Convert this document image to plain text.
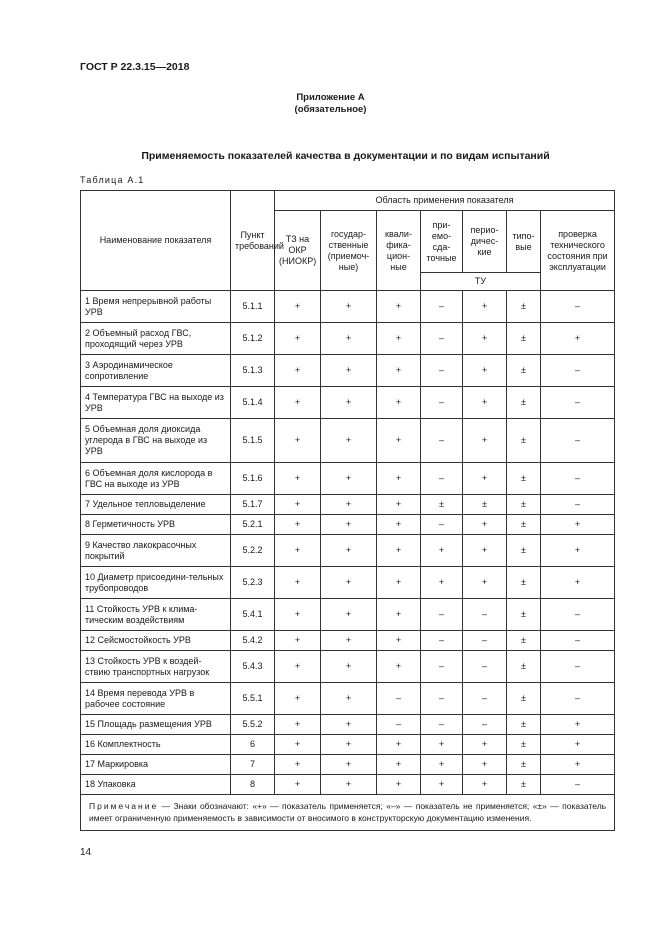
ГОСТ Р 22.3.15—2018
Приложение А
(обязательное)
Применяемость показателей качества в документации и по видам испытаний
Таблица А.1
Наименование показателя	Пункт требований	Область применения показателя						
		ТЗ на ОКР (НИОКР)	государ-ственные (приемоч-ные)	квали-фика-цион-ные	при-емо-сда-точные	перио-дичес-кие	типо-вые	проверка технического состояния при эксплуатации
					ТУ			
1 Время непрерывной работы УРВ	5.1.1	+	+	+	–	+	±	–
2 Объемный расход ГВС, проходящий через УРВ	5.1.2	+	+	+	–	+	±	+
3 Аэродинамическое сопротивление	5.1.3	+	+	+	–	+	±	–
4 Температура ГВС на выходе из УРВ	5.1.4	+	+	+	–	+	±	–
5 Объемная доля диоксида углерода в ГВС на выходе из УРВ	5.1.5	+	+	+	–	+	±	–
6 Объемная доля кислорода в ГВС на выходе из УРВ	5.1.6	+	+	+	–	+	±	–
7 Удельное тепловыделение	5.1.7	+	+	+	±	±	±	–
8 Герметичность УРВ	5.2.1	+	+	+	–	+	±	+
9 Качество лакокрасочных покрытий	5.2.2	+	+	+	+	+	±	+
10 Диаметр присоедини-тельных трубопроводов	5.2.3	+	+	+	+	+	±	+
11 Стойкость УРВ к клима-тическим воздействиям	5.4.1	+	+	+	–	–	±	–
12 Сейсмостойкость УРВ	5.4.2	+	+	+	–	–	±	–
13 Стойкость УРВ к воздей-ствию транспортных нагрузок	5.4.3	+	+	+	–	–	±	–
14 Время перевода УРВ в рабочее состояние	5.5.1	+	+	–	–	–	±	–
15 Площадь размещения УРВ	5.5.2	+	+	–	–	–	±	+
16 Комплектность	6	+	+	+	+	+	±	+
17 Маркировка	7	+	+	+	+	+	±	+
18 Упаковка	8	+	+	+	+	+	±	–
Примечание — Знаки обозначают: «+» — показатель применяется; «–» — показатель не применяется; «±» — показатель имеет ограниченную применяемость в зависимости от вносимого в конструкторскую документацию изменения.								
14
